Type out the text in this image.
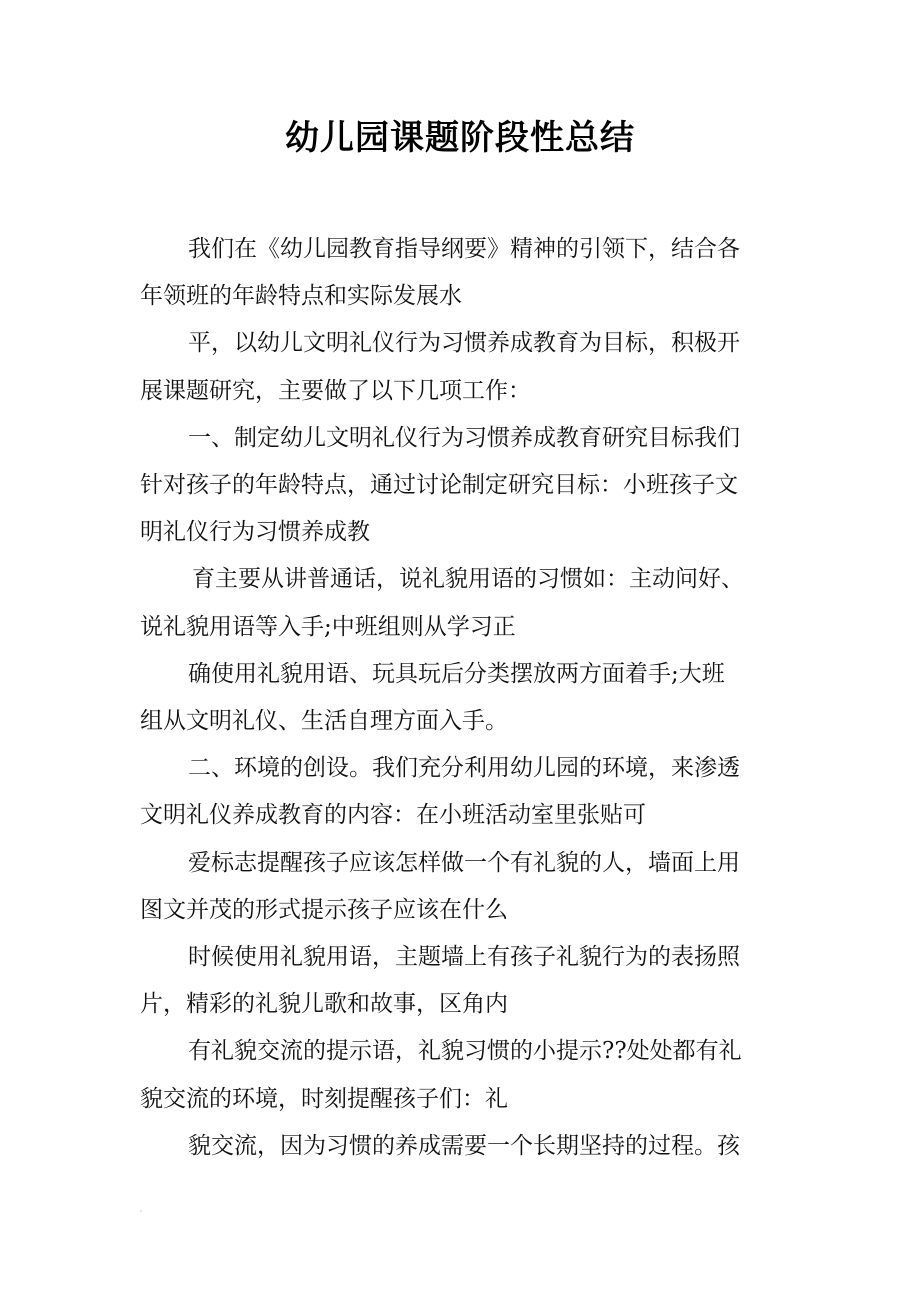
幼儿园课题阶段性总结

我们在《幼儿园教育指导纲要》精神的引领下，结合各
年领班的年龄特点和实际发展水

平，以幼儿文明礼仪行为习惯养成教育为目标，积极开
展课题研究，主要做了以下几项工作：

一、制定幼儿文明礼仪行为习惯养成教育研究目标我们
针对孩子的年龄特点，通过讨论制定研究目标：小班孩子文
明礼仪行为习惯养成教

育主要从讲普通话，说礼貌用语的习惯如：主动问好、
说礼貌用语等入手;中班组则从学习正

确使用礼貌用语、玩具玩后分类摆放两方面着手;大班
组从文明礼仪、生活自理方面入手。

二、环境的创设。我们充分利用幼儿园的环境，来渗透
文明礼仪养成教育的内容：在小班活动室里张贴可

爱标志提醒孩子应该怎样做一个有礼貌的人，墙面上用
图文并茂的形式提示孩子应该在什么

时候使用礼貌用语，主题墙上有孩子礼貌行为的表扬照
片，精彩的礼貌儿歌和故事，区角内

有礼貌交流的提示语，礼貌习惯的小提示??处处都有礼
貌交流的环境，时刻提醒孩子们：礼

貌交流，因为习惯的养成需要一个长期坚持的过程。孩
